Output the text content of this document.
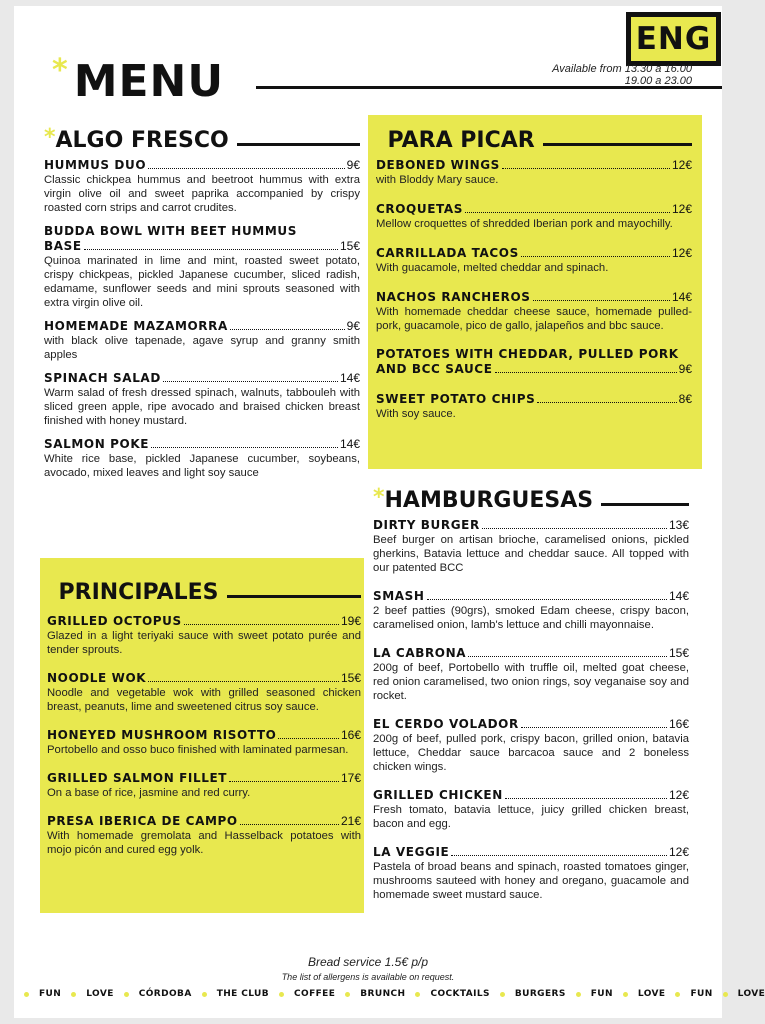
ENG
* MENU	Available from 13.30 a 16.00
19.00 a 23.00
* ALGO FRESCO
HUMMUS DUO	9€
Classic chickpea hummus and beetroot hummus with extra virgin olive oil and sweet paprika accompanied by crispy roasted corn strips and carrot crudites.
BUDDA BOWL WITH BEET HUMMUS
BASE	15€
Quinoa marinated in lime and mint, roasted sweet potato, crispy chickpeas, pickled Japanese cucumber, sliced radish, edamame, sunflower seeds and mini sprouts seasoned with extra virgin olive oil.
HOMEMADE MAZAMORRA	9€
with black olive tapenade, agave syrup and granny smith apples
SPINACH SALAD	14€
Warm salad of fresh dressed spinach, walnuts, tabbouleh with sliced green apple, ripe avocado and braised chicken breast finished with honey mustard.
SALMON POKE	14€
White rice base, pickled Japanese cucumber, soybeans, avocado, mixed leaves and light soy sauce
* PARA PICAR
DEBONED WINGS	12€
with Bloddy Mary sauce.
CROQUETAS	12€
Mellow croquettes of shredded Iberian pork and mayochilly.
CARRILLADA TACOS	12€
With guacamole, melted cheddar and spinach.
NACHOS RANCHEROS	14€
With homemade cheddar cheese sauce, homemade pulled-pork, guacamole, pico de gallo, jalapeños and bbc sauce.
POTATOES WITH CHEDDAR, PULLED PORK
AND BCC SAUCE	9€
SWEET POTATO CHIPS	8€
With soy sauce.
* PRINCIPALES
GRILLED OCTOPUS	19€
Glazed in a light teriyaki sauce with sweet potato purée and tender sprouts.
NOODLE WOK	15€
Noodle and vegetable wok with grilled seasoned chicken breast, peanuts, lime and sweetened citrus soy sauce.
HONEYED MUSHROOM RISOTTO	16€
Portobello and osso buco finished with laminated parmesan.
GRILLED SALMON FILLET	17€
On a base of rice, jasmine and red curry.
PRESA IBERICA DE CAMPO	21€
With homemade gremolata and Hasselback potatoes with mojo picón and cured egg yolk.
* HAMBURGUESAS
DIRTY BURGER	13€
Beef burger on artisan brioche, caramelised onions, pickled gherkins, Batavia lettuce and cheddar sauce. All topped with our patented BCC
SMASH	14€
2 beef patties (90grs), smoked Edam cheese, crispy bacon, caramelised onion, lamb's lettuce and chilli mayonnaise.
LA CABRONA	15€
200g of beef, Portobello with truffle oil, melted goat cheese, red onion caramelised, two onion rings, soy veganaise soy and rocket.
EL CERDO VOLADOR	16€
200g of beef, pulled pork, crispy bacon, grilled onion, batavia lettuce, Cheddar sauce barcacoa sauce and 2 boneless chicken wings.
GRILLED CHICKEN	12€
Fresh tomato, batavia lettuce, juicy grilled chicken breast, bacon and egg.
LA VEGGIE	12€
Pastela of broad beans and spinach, roasted tomatoes ginger, mushrooms sauteed with honey and oregano, guacamole and homemade sweet mustard sauce.
Bread service 1.5€ p/p
The list of allergens is available on request.
FUN	LOVE	CÓRDOBA	THE CLUB	COFFEE	BRUNCH	COCKTAILS	BURGERS	FUN	LOVE	FUN	LOVE
